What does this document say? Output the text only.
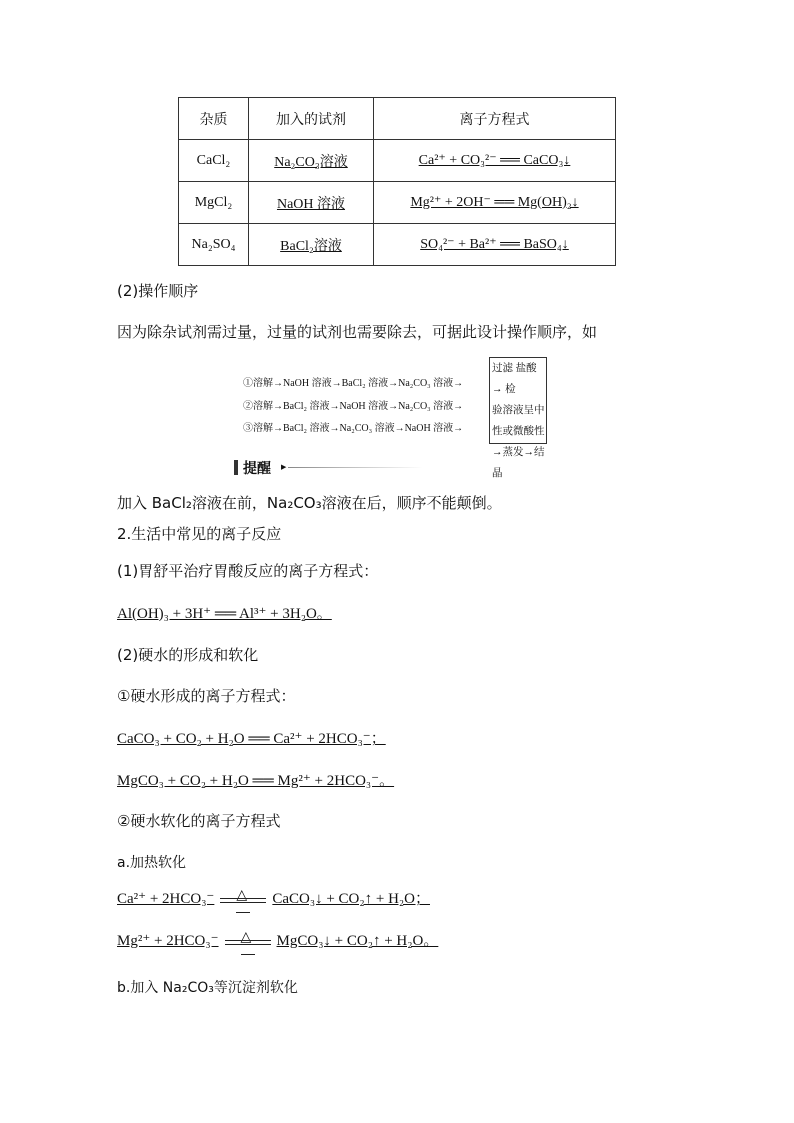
杂质	加入的试剂	离子方程式
CaCl₂	Na₂CO₃溶液	Ca²⁺ + CO₃²⁻ ══ CaCO₃↓
MgCl₂	NaOH 溶液	Mg²⁺ + 2OH⁻ ══ Mg(OH)₂↓
Na₂SO₄	BaCl₂溶液	SO₄²⁻ + Ba²⁺ ══ BaSO₄↓
(2)操作顺序
因为除杂试剂需过量，过量的试剂也需要除去，可据此设计操作顺序，如
①溶解→NaOH 溶液→BaCl₂ 溶液→Na₂CO₃ 溶液→
②溶解→BaCl₂ 溶液→NaOH 溶液→Na₂CO₃ 溶液→
③溶解→BaCl₂ 溶液→Na₂CO₃ 溶液→NaOH 溶液→
过滤 盐酸→ 检
验溶液呈中
性或微酸性
→蒸发→结
晶
提醒 ▶
加入 BaCl₂溶液在前，Na₂CO₃溶液在后，顺序不能颠倒。
2.生活中常见的离子反应
(1)胃舒平治疗胃酸反应的离子方程式：
Al(OH)₃ + 3H⁺ ══ Al³⁺ + 3H₂O。
(2)硬水的形成和软化
①硬水形成的离子方程式：
CaCO₃ + CO₂ + H₂O ══ Ca²⁺ + 2HCO₃⁻；
MgCO₃ + CO₂ + H₂O ══ Mg²⁺ + 2HCO₃⁻。
②硬水软化的离子方程式
a.加热软化
Ca²⁺ + 2HCO₃⁻ △ CaCO₃↓ + CO₂↑ + H₂O；
Mg²⁺ + 2HCO₃⁻ △ MgCO₃↓ + CO₂↑ + H₂O。
b.加入 Na₂CO₃等沉淀剂软化
